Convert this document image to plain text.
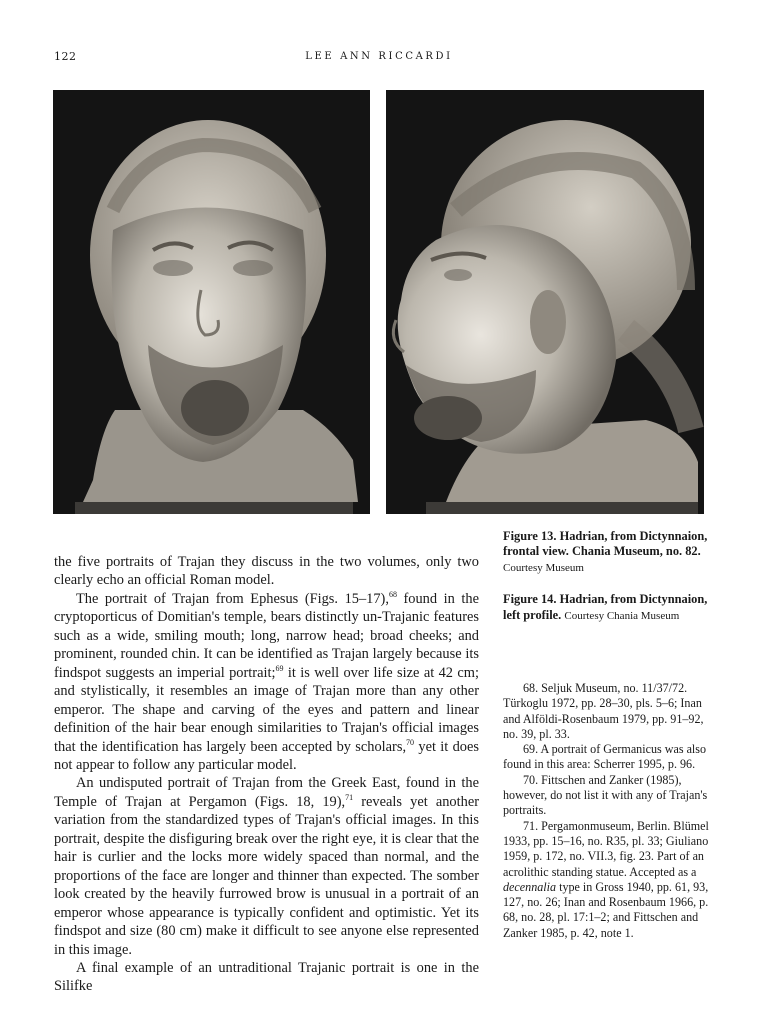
122	LEE ANN RICCARDI

Figure 13. Hadrian, from Dictynnaion, frontal view. Chania Museum, no. 82. Courtesy Museum

Figure 14. Hadrian, from Dictynnaion, left profile. Courtesy Chania Museum

the five portraits of Trajan they discuss in the two volumes, only two clearly echo an official Roman model.

The portrait of Trajan from Ephesus (Figs. 15–17),$^{68}$ found in the cryptoporticus of Domitian's temple, bears distinctly un-Trajanic features such as a wide, smiling mouth; long, narrow head; broad cheeks; and prominent, rounded chin. It can be identified as Trajan largely because its findspot suggests an imperial portrait;$^{69}$ it is well over life size at 42 cm; and stylistically, it resembles an image of Trajan more than any other emperor. The shape and carving of the eyes and pattern and linear definition of the hair bear enough similarities to Trajan's official images that the identification has largely been accepted by scholars,$^{70}$ yet it does not appear to follow any particular model.

An undisputed portrait of Trajan from the Greek East, found in the Temple of Trajan at Pergamon (Figs. 18, 19),$^{71}$ reveals yet another variation from the standardized types of Trajan's official images. In this portrait, despite the disfiguring break over the right eye, it is clear that the hair is curlier and the locks more widely spaced than normal, and the proportions of the face are longer and thinner than expected. The somber look created by the heavily furrowed brow is unusual in a portrait of an emperor whose appearance is typically confident and optimistic. Yet its findspot and size (80 cm) make it difficult to see anyone else represented in this image.

A final example of an untraditional Trajanic portrait is one in the Silifke

68. Seljuk Museum, no. 11/37/72. Türkoglu 1972, pp. 28–30, pls. 5–6; Inan and Alföldi-Rosenbaum 1979, pp. 91–92, no. 39, pl. 33.

69. A portrait of Germanicus was also found in this area: Scherrer 1995, p. 96.

70. Fittschen and Zanker (1985), however, do not list it with any of Trajan's portraits.

71. Pergamonmuseum, Berlin. Blümel 1933, pp. 15–16, no. R35, pl. 33; Giuliano 1959, p. 172, no. VII.3, fig. 23. Part of an acrolithic standing statue. Accepted as a decennalia type in Gross 1940, pp. 61, 93, 127, no. 26; Inan and Rosenbaum 1966, p. 68, no. 28, pl. 17:1–2; and Fittschen and Zanker 1985, p. 42, note 1.
